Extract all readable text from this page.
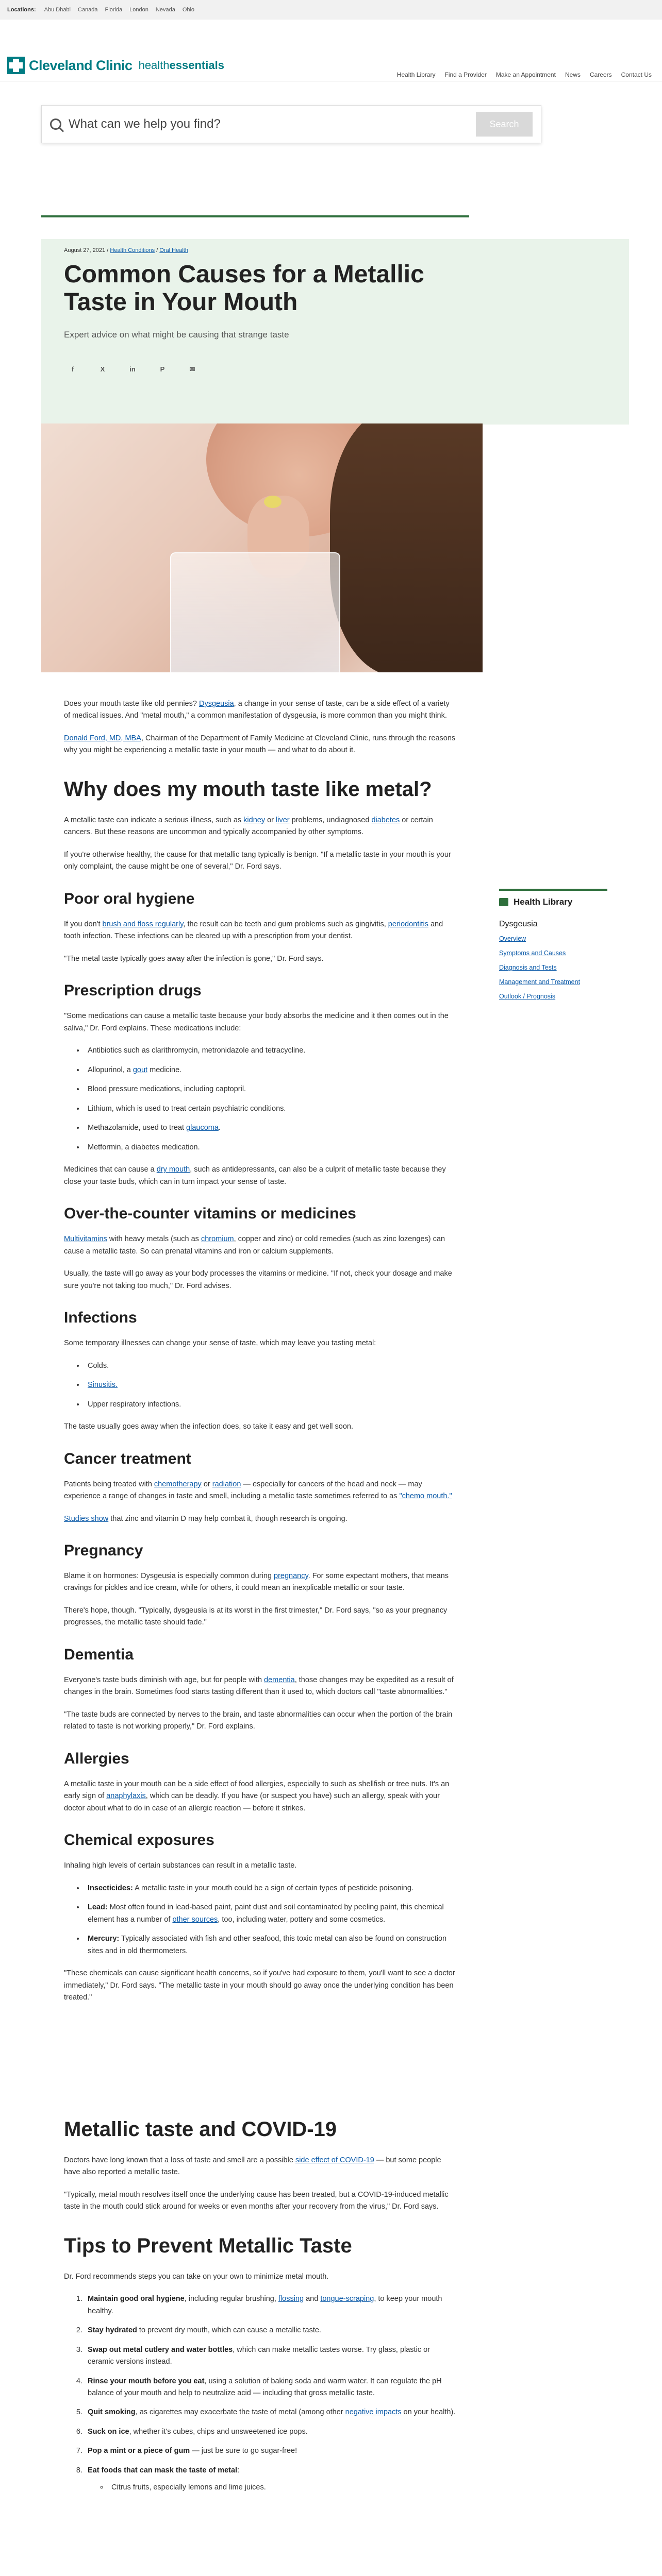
Locations: Abu Dhabi Canada Florida London Nevada Ohio
Cleveland Clinic healthessentials
Health Library Find a Provider Make an Appointment News Careers Contact Us
What can we help you find?
Search
August 27, 2021 / Health Conditions / Oral Health
Common Causes for a Metallic Taste in Your Mouth
Expert advice on what might be causing that strange taste
f	X	in	P	✉
Health Library
Dysgeusia
Overview
Symptoms and Causes
Diagnosis and Tests
Management and Treatment
Outlook / Prognosis

Does your mouth taste like old pennies? Dysgeusia, a change in your sense of taste, can be a side effect of a variety of medical issues. And "metal mouth," a common manifestation of dysgeusia, is more common than you might think.

Donald Ford, MD, MBA, Chairman of the Department of Family Medicine at Cleveland Clinic, runs through the reasons why you might be experiencing a metallic taste in your mouth — and what to do about it.

Why does my mouth taste like metal?

A metallic taste can indicate a serious illness, such as kidney or liver problems, undiagnosed diabetes or certain cancers. But these reasons are uncommon and typically accompanied by other symptoms.

If you're otherwise healthy, the cause for that metallic tang typically is benign. "If a metallic taste in your mouth is your only complaint, the cause might be one of several," Dr. Ford says.

Poor oral hygiene

If you don't brush and floss regularly, the result can be teeth and gum problems such as gingivitis, periodontitis and tooth infection. These infections can be cleared up with a prescription from your dentist.

"The metal taste typically goes away after the infection is gone," Dr. Ford says.

Prescription drugs

"Some medications can cause a metallic taste because your body absorbs the medicine and it then comes out in the saliva," Dr. Ford explains. These medications include:

• Antibiotics such as clarithromycin, metronidazole and tetracycline.
• Allopurinol, a gout medicine.
• Blood pressure medications, including captopril.
• Lithium, which is used to treat certain psychiatric conditions.
• Methazolamide, used to treat glaucoma.
• Metformin, a diabetes medication.

Medicines that can cause a dry mouth, such as antidepressants, can also be a culprit of metallic taste because they close your taste buds, which can in turn impact your sense of taste.

Over-the-counter vitamins or medicines

Multivitamins with heavy metals (such as chromium, copper and zinc) or cold remedies (such as zinc lozenges) can cause a metallic taste. So can prenatal vitamins and iron or calcium supplements.

Usually, the taste will go away as your body processes the vitamins or medicine. "If not, check your dosage and make sure you're not taking too much," Dr. Ford advises.

Infections

Some temporary illnesses can change your sense of taste, which may leave you tasting metal:

• Colds.
• Sinusitis.
• Upper respiratory infections.

The taste usually goes away when the infection does, so take it easy and get well soon.

Cancer treatment

Patients being treated with chemotherapy or radiation — especially for cancers of the head and neck — may experience a range of changes in taste and smell, including a metallic taste sometimes referred to as "chemo mouth."

Studies show that zinc and vitamin D may help combat it, though research is ongoing.

Pregnancy

Blame it on hormones: Dysgeusia is especially common during pregnancy. For some expectant mothers, that means cravings for pickles and ice cream, while for others, it could mean an inexplicable metallic or sour taste.

There's hope, though. "Typically, dysgeusia is at its worst in the first trimester," Dr. Ford says, "so as your pregnancy progresses, the metallic taste should fade."

Dementia

Everyone's taste buds diminish with age, but for people with dementia, those changes may be expedited as a result of changes in the brain. Sometimes food starts tasting different than it used to, which doctors call "taste abnormalities."

"The taste buds are connected by nerves to the brain, and taste abnormalities can occur when the portion of the brain related to taste is not working properly," Dr. Ford explains.

Allergies

A metallic taste in your mouth can be a side effect of food allergies, especially to such as shellfish or tree nuts. It's an early sign of anaphylaxis, which can be deadly. If you have (or suspect you have) such an allergy, speak with your doctor about what to do in case of an allergic reaction — before it strikes.

Chemical exposures

Inhaling high levels of certain substances can result in a metallic taste.

• Insecticides: A metallic taste in your mouth could be a sign of certain types of pesticide poisoning.
• Lead: Most often found in lead-based paint, paint dust and soil contaminated by peeling paint, this chemical element has a number of other sources, too, including water, pottery and some cosmetics.
• Mercury: Typically associated with fish and other seafood, this toxic metal can also be found on construction sites and in old thermometers.

"These chemicals can cause significant health concerns, so if you've had exposure to them, you'll want to see a doctor immediately," Dr. Ford says. "The metallic taste in your mouth should go away once the underlying condition has been treated."

Metallic taste and COVID-19

Doctors have long known that a loss of taste and smell are a possible side effect of COVID-19 — but some people have also reported a metallic taste.

"Typically, metal mouth resolves itself once the underlying cause has been treated, but a COVID-19-induced metallic taste in the mouth could stick around for weeks or even months after your recovery from the virus," Dr. Ford says.

Tips to Prevent Metallic Taste

Dr. Ford recommends steps you can take on your own to minimize metal mouth.

1. Maintain good oral hygiene, including regular brushing, flossing and tongue-scraping, to keep your mouth healthy.
2. Stay hydrated to prevent dry mouth, which can cause a metallic taste.
3. Swap out metal cutlery and water bottles, which can make metallic tastes worse. Try glass, plastic or ceramic versions instead.
4. Rinse your mouth before you eat, using a solution of baking soda and warm water. It can regulate the pH balance of your mouth and help to neutralize acid — including that gross metallic taste.
5. Quit smoking, as cigarettes may exacerbate the taste of metal (among other negative impacts on your health).
6. Suck on ice, whether it's cubes, chips and unsweetened ice pops.
7. Pop a mint or a piece of gum — just be sure to go sugar-free!
8. Eat foods that can mask the taste of metal:
◦ Citrus fruits, especially lemons and lime juices.
